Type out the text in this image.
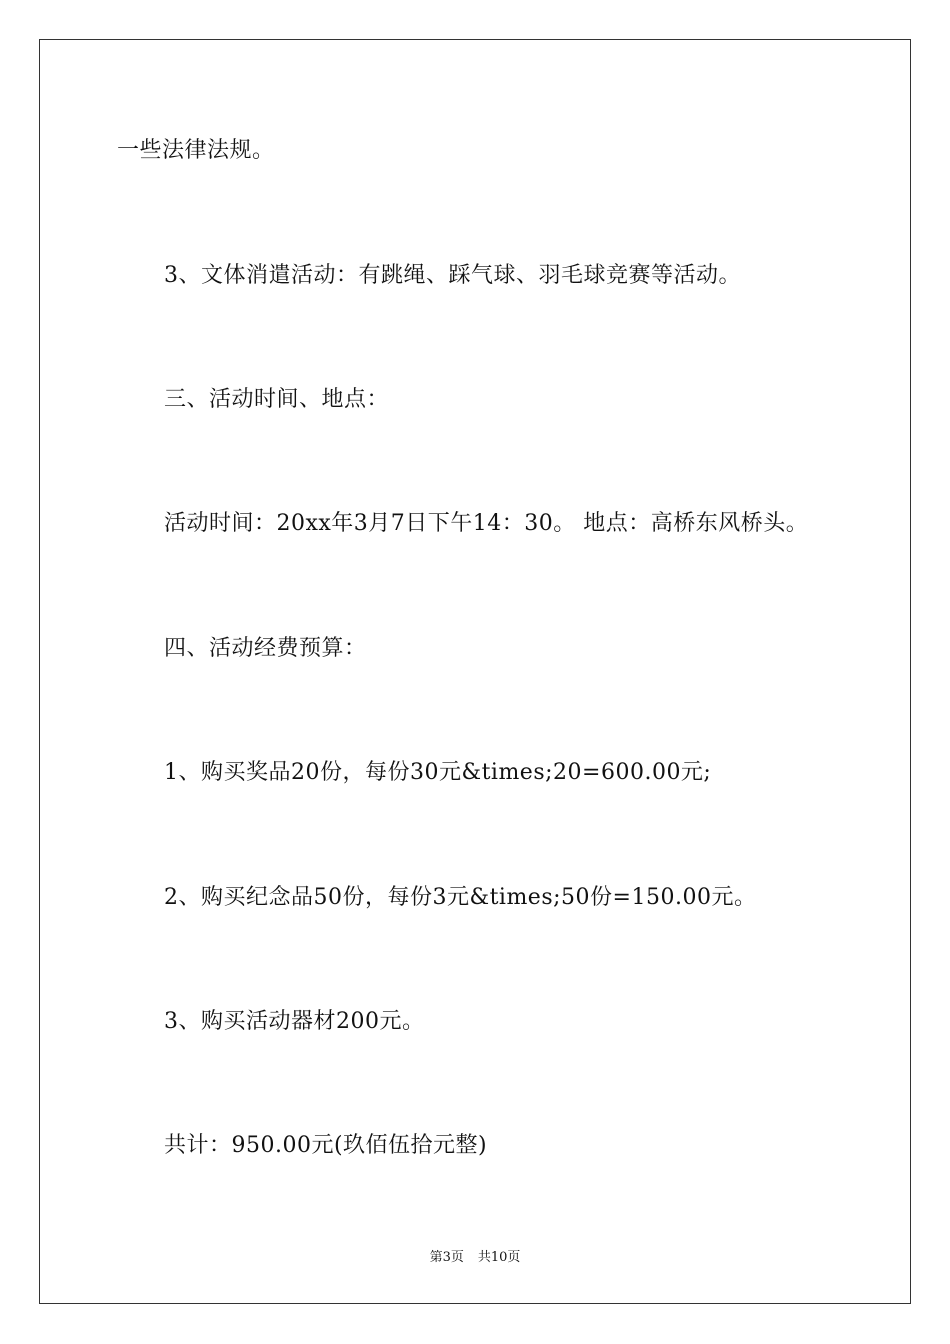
一些法律法规。
3、文体消遣活动：有跳绳、踩气球、羽毛球竞赛等活动。
三、活动时间、地点：
活动时间：20xx年3月7日下午14：30。 地点：高桥东风桥头。
四、活动经费预算：
1、购买奖品20份，每份30元&times;20=600.00元;
2、购买纪念品50份，每份3元&times;50份=150.00元。
3、购买活动器材200元。
共计：950.00元(玖佰伍拾元整)
第3页 共10页
